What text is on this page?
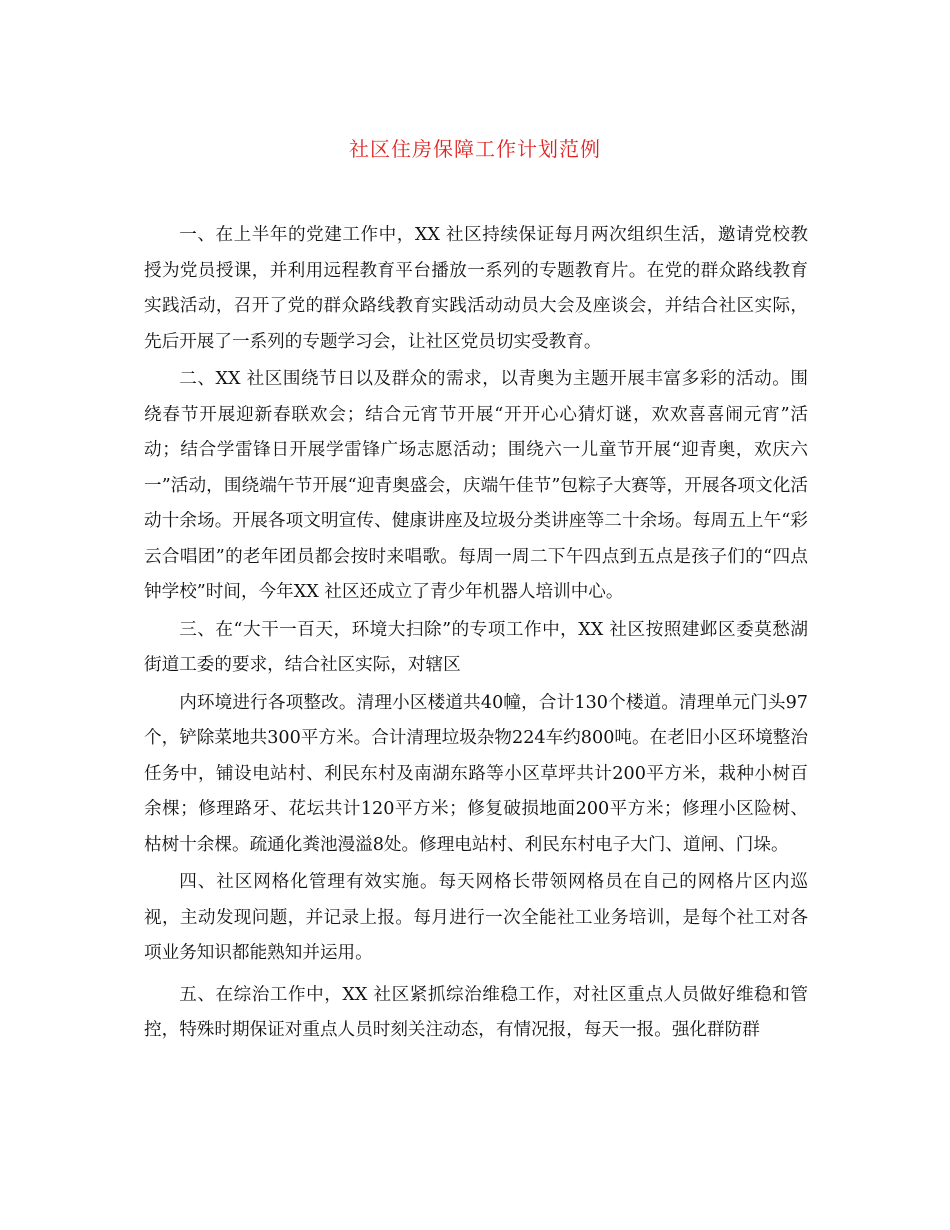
社区住房保障工作计划范例

一、在上半年的党建工作中，XX 社区持续保证每月两次组织生活，邀请党校教授为党员授课，并利用远程教育平台播放一系列的专题教育片。在党的群众路线教育实践活动，召开了党的群众路线教育实践活动动员大会及座谈会，并结合社区实际，先后开展了一系列的专题学习会，让社区党员切实受教育。

二、XX 社区围绕节日以及群众的需求，以青奥为主题开展丰富多彩的活动。围绕春节开展迎新春联欢会；结合元宵节开展“开开心心猜灯谜，欢欢喜喜闹元宵”活动；结合学雷锋日开展学雷锋广场志愿活动；围绕六一儿童节开展“迎青奥，欢庆六一”活动，围绕端午节开展“迎青奥盛会，庆端午佳节”包粽子大赛等，开展各项文化活动十余场。开展各项文明宣传、健康讲座及垃圾分类讲座等二十余场。每周五上午“彩云合唱团”的老年团员都会按时来唱歌。每周一周二下午四点到五点是孩子们的“四点钟学校”时间，今年XX 社区还成立了青少年机器人培训中心。

三、在“大干一百天，环境大扫除”的专项工作中，XX 社区按照建邺区委莫愁湖街道工委的要求，结合社区实际，对辖区

内环境进行各项整改。清理小区楼道共40幢，合计130个楼道。清理单元门头97个，铲除菜地共300平方米。合计清理垃圾杂物224车约800吨。在老旧小区环境整治任务中，铺设电站村、利民东村及南湖东路等小区草坪共计200平方米，栽种小树百余棵；修理路牙、花坛共计120平方米；修复破损地面200平方米；修理小区险树、枯树十余棵。疏通化粪池漫溢8处。修理电站村、利民东村电子大门、道闸、门垛。

四、社区网格化管理有效实施。每天网格长带领网格员在自己的网格片区内巡视，主动发现问题，并记录上报。每月进行一次全能社工业务培训，是每个社工对各项业务知识都能熟知并运用。

五、在综治工作中，XX 社区紧抓综治维稳工作，对社区重点人员做好维稳和管控，特殊时期保证对重点人员时刻关注动态，有情况报，每天一报。强化群防群
